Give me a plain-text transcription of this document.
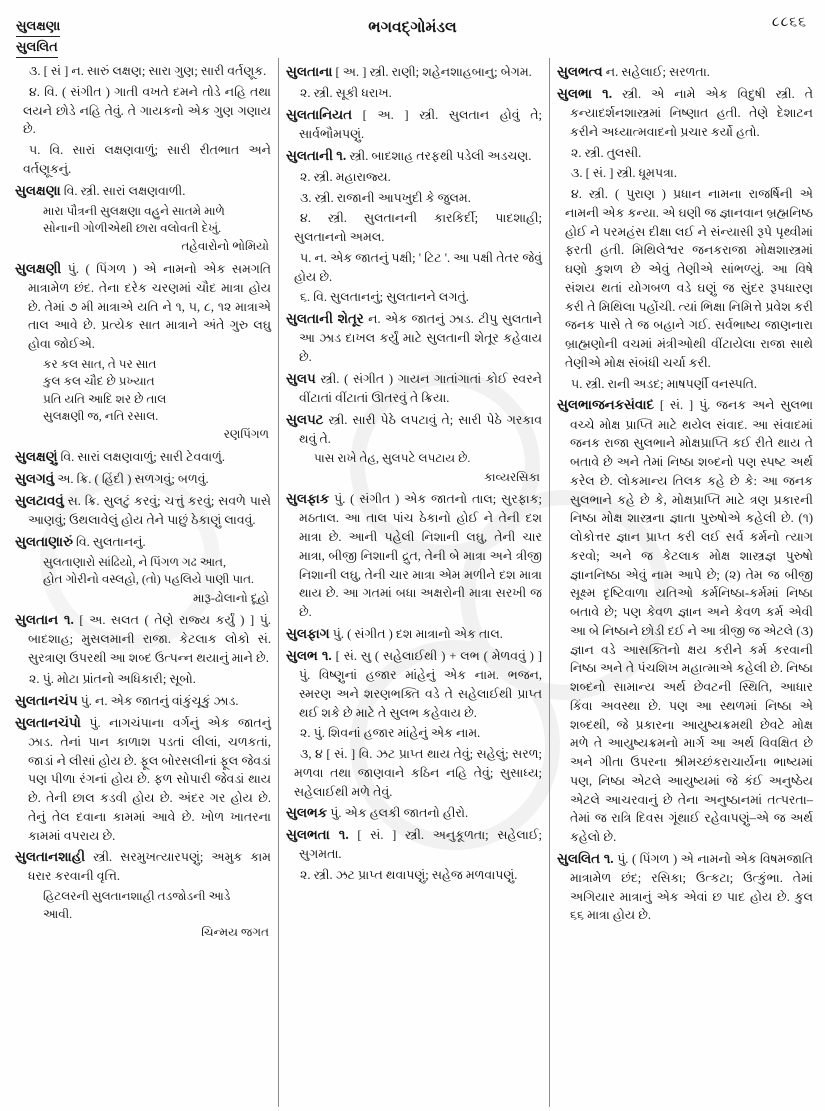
સુલક્ષણા
સુલલિત
ભગવદ્ગોમંડલ	૮૮૬૬

૩. [ સં ] ન. સારું લક્ષણ; સારા ગુણ; સારી વર્તણૂક.

૪. વિ. ( સંગીત ) ગાતી વખતે દમને તોડે નહિ તથા લયને છોડે નહિ તેવું. તે ગાયકનો એક ગુણ ગણાય છે.

૫. વિ. સારાં લક્ષણવાળું; સારી રીતભાત અને વર્તણૂકનું.

સુલક્ષણા વિ. સ્ત્રી. સારાં લક્ષણવાળી.

મારા પૌત્રની સુલક્ષણા વહુને સાતમે માળે
સોનાની ગોળીએથી છારા વલોવતી દેખું.
તહેવારોનો ભોમિયો

સુલક્ષણી પું. ( પિંગળ ) એ નામનો એક સમગતિ માત્રામેળ છંદ. તેના દરેક ચરણમાં ચૌદ માત્રા હોય છે. તેમાં ૭ મી માત્રાએ યતિ ને ૧, ૫, ૮, ૧૨ માત્રાએ તાલ આવે છે. પ્રત્યેક સાત માત્રાને અંતે ગુરુ લઘુ હોવા જોઈએ.

કર કલ સાત, તે પર સાત
કુલ કલ ચૌદ છે પ્રખ્યાત
પ્રતિ યતિ આદિ શર છે તાલ
સુલક્ષણી જ, નતિ રસાલ.
રણપિંગળ

સુલક્ષણું વિ. સારાં લક્ષણવાળું; સારી ટેવવાળું.

સુલગવું અ. ક્રિ. ( હિંદી ) સળગવું; બળવું.

સુલટાવવું સ. ક્રિ. સુલટું કરવું; ચત્તું કરવું; સવળે પાસે આણવું; ઉથલાવેલું હોય તેને પાછું ઠેકાણું લાવવું.

સુલતાણારું વિ. સુલતાનનું.

સુલતાણારો સાંઢિયો, ને પિંગળ ગઢ આત,
હોત ગોરીનો વસ્લહો, (તો) પહલિયે પાણી પાત.
મારૂ-ઢોલાનો દૂહો

સુલતાન ૧. [ અ. સલત ( તેણે રાજ્ય કર્યું ) ] પું. બાદશાહ; મુસલમાની રાજા. કેટલાક લોકો સં. સુરત્રાણ ઉપરથી આ શબ્દ ઉત્પન્ન થયાનું માને છે.

૨. પું. મોટા પ્રાંતનો અધિકારી; સૂબો.

સુલતાનચંપ પું. ન. એક જાતનું વાંકુંચૂકું ઝાડ.

સુલતાનચંપો પું. નાગચંપાના વર્ગનું એક જાતનું ઝાડ. તેનાં પાન કાળાશ પડતાં લીલાં, ચળકતાં, જાડાં ને લીસાં હોય છે. ફૂલ બોરસલીનાં ફૂલ જેવડાં પણ પીળા રંગનાં હોય છે. ફળ સોપારી જેવડાં થાય છે. તેની છાલ કડવી હોય છે. અંદર ગર હોય છે. તેનું તેલ દવાના કામમાં આવે છે. ખોળ ખાતરના કામમાં વપરાય છે.

સુલતાનશાહી સ્ત્રી. સરમુખત્યારપણું; અમુક કામ ધરાર કરવાની વૃત્તિ.

હિટલરની સુલતાનશાહી તડજોડની આડે
આવી.
ચિન્મય જગત

સુલતાના [ અ. ] સ્ત્રી. રાણી; શહેનશાહબાનુ; બેગમ.

૨. સ્ત્રી. સૂકી ધરાખ.

સુલતાનિયત [ અ. ] સ્ત્રી. સુલતાન હોવું તે; સાર્વભૌમપણું.

સુલતાની ૧. સ્ત્રી. બાદશાહ તરફથી પડેલી અડચણ.

૨. સ્ત્રી. મહારાજ્ય.

૩. સ્ત્રી. રાજાની આપખુદી કે જુલમ.

૪. સ્ત્રી. સુલતાનની કારકિર્દી; પાદશાહી; સુલતાનનો અમલ.

૫. ન. એક જાતનું પક્ષી; ' ટિટ '. આ પક્ષી તેતર જેવું હોય છે.

૬. વિ. સુલતાનનું; સુલતાનને લગતું.

સુલતાની શેતૂર ન. એક જાતનું ઝાડ. ટીપુ સુલતાને આ ઝાડ દાખલ કર્યું માટે સુલતાની શેતૂર કહેવાય છે.

સુલપ સ્ત્રી. ( સંગીત ) ગાયન ગાતાંગાતાં કોઈ સ્વરને વીંટાતાં વીંટાતાં ઊતરવું તે ક્રિયા.

સુલપટ સ્ત્રી. સારી પેઠે લપટાવું તે; સારી પેઠે ગરકાવ થવું તે.

પાસ રાખે તેહ, સુલપટે લપટાય છે.
કાવ્યરસિકા

સુલફાક પું. ( સંગીત ) એક જાતનો તાલ; સુરફાક; મઠતાલ. આ તાલ પાંચ ઠેકાનો હોઈ ને તેની દશ માત્રા છે. આની પહેલી નિશાની લઘુ, તેની ચાર માત્રા, બીજી નિશાની દ્રુત, તેની બે માત્રા અને ત્રીજી નિશાની લઘુ, તેની ચાર માત્રા એમ મળીને દશ માત્રા થાય છે. આ ગતમાં બધા અક્ષરોની માત્રા સરખી જ છે.

સુલફાગ પું. ( સંગીત ) દશ માત્રાનો એક તાલ.

સુલભ ૧. [ સં. સુ ( સહેલાઈથી ) + લભ ( મેળવવું ) ] પું. વિષ્ણુનાં હજાર માંહેનું એક નામ. ભજન, સ્મરણ અને શરણભક્તિ વડે તે સહેલાઈથી પ્રાપ્ત થઈ શકે છે માટે તે સુલભ કહેવાય છે.

૨. પું. શિવનાં હજાર માંહેનું એક નામ.

૩, ૪ [ સં. ] વિ. ઝટ પ્રાપ્ત થાય તેવું; સહેલું; સરળ; મળવા તથા જાણવાને કઠિન નહિ તેવું; સુસાધ્ય; સહેલાઈથી મળે તેવું.

સુલભક પું. એક હલકી જાતનો હીરો.

સુલભતા ૧. [ સં. ] સ્ત્રી. અનુકૂળતા; સહેલાઈ; સુગમતા.

૨. સ્ત્રી. ઝટ પ્રાપ્ત થવાપણું; સહેજ મળવાપણું.

સુલભત્વ ન. સહેલાઈ; સરળતા.

સુલભા ૧. સ્ત્રી. એ નામે એક વિદુષી સ્ત્રી. તે કન્યાદર્શનશાસ્ત્રમાં નિષ્ણાત હતી. તેણે દેશાટન કરીને અધ્યાત્મવાદનો પ્રચાર કર્યો હતો.

૨. સ્ત્રી. તુલસી.

૩. [ સં. ] સ્ત્રી. ધૂમપત્રા.

૪. સ્ત્રી. ( પુરાણ ) પ્રધાન નામના રાજર્ષિની એ નામની એક કન્યા. એ ઘણી જ જ્ઞાનવાન બ્રહ્મનિષ્ઠ હોઈ ને પરમહંસ દીક્ષા લઈ ને સંન્યાસી રૂપે પૃથ્વીમાં ફરતી હતી. મિથિલેશ્વર જનકરાજા મોક્ષશાસ્ત્રમાં ઘણો કુશળ છે એવું તેણીએ સાંભળ્યું. આ વિષે સંશય થતાં યોગબળ વડે ઘણું જ સુંદર રૂપધારણ કરી તે મિથિલા પહોંચી. ત્યાં ભિક્ષા નિમિત્તે પ્રવેશ કરી જનક પાસે તે જ બહાને ગઈ. સર્વભાષ્ય જાણનારા બ્રાહ્મણોની વચમાં મંત્રીઓથી વીંટાયેલા રાજા સાથે તેણીએ મોક્ષ સંબંધી ચર્ચા કરી.

૫. સ્ત્રી. રાની અડદ; માષપર્ણી વનસ્પતિ.

સુલભાજનકસંવાદ [ સં. ] પું. જનક અને સુલભા વચ્ચે મોક્ષ પ્રાપ્તિ માટે થયેલ સંવાદ. આ સંવાદમાં જનક રાજા સુલભાને મોક્ષપ્રાપ્તિ કઈ રીતે થાય તે બતાવે છે અને તેમાં નિષ્ઠા શબ્દનો પણ સ્પષ્ટ અર્થ કરેલ છે. લોકમાન્ય તિલક કહે છે કે: આ જનક સુલભાને કહે છે કે, મોક્ષપ્રાપ્તિ માટે ત્રણ પ્રકારની નિષ્ઠા મોક્ષ શાસ્ત્રના જ્ઞાતા પુરુષોએ કહેલી છે. (૧) લોકોત્તર જ્ઞાન પ્રાપ્ત કરી લઈ સર્વ કર્મનો ત્યાગ કરવો; અને જ કેટલાક મોક્ષ શાસ્ત્રજ્ઞ પુરુષો જ્ઞાનનિષ્ઠા એવું નામ આપે છે; (૨) તેમ જ બીજી સૂક્ષ્મ દૃષ્ટિવાળા યતિઓ કર્મનિષ્ઠા-કર્મમાં નિષ્ઠા બતાવે છે; પણ કેવળ જ્ઞાન અને કેવળ કર્મ એવી આ બે નિષ્ઠાને છોડી દઈ ને આ ત્રીજી જ એટલે (૩) જ્ઞાન વડે આસક્તિનો ક્ષય કરીને કર્મ કરવાની નિષ્ઠા અને તે પંચશિખ મહાત્માએ કહેલી છે. નિષ્ઠા શબ્દનો સામાન્ય અર્થ છેવટની સ્થિતિ, આધાર કિંવા અવસ્થા છે. પણ આ સ્થળમાં નિષ્ઠા એ શબ્દથી, જે પ્રકારના આયુષ્યક્રમથી છેવટે મોક્ષ મળે તે આયુષ્યક્રમનો માર્ગ આ અર્થ વિવક્ષિત છે અને ગીતા ઉપરના શ્રીમચ્છંકરાચાર્યના ભાષ્યમાં પણ, નિષ્ઠા એટલે આયુષ્યમાં જે કંઈ અનુષ્ઠેય એટલે આચરવાનું છે તેના અનુષ્ઠાનમાં તત્પરતા–તેમાં જ રાત્રિ દિવસ ગૂંથાઈ રહેવાપણું–એ જ અર્થ કહેલો છે.

સુલલિત ૧. પું. ( પિંગળ ) એ નામનો એક વિષમજાતિ માત્રામેળ છંદ; રસિકા; ઉત્કટા; ઉત્કુંભા. તેમાં અગિયાર માત્રાનું એક એવાં છ પાદ હોય છે. કુલ ૬૬ માત્રા હોય છે.
